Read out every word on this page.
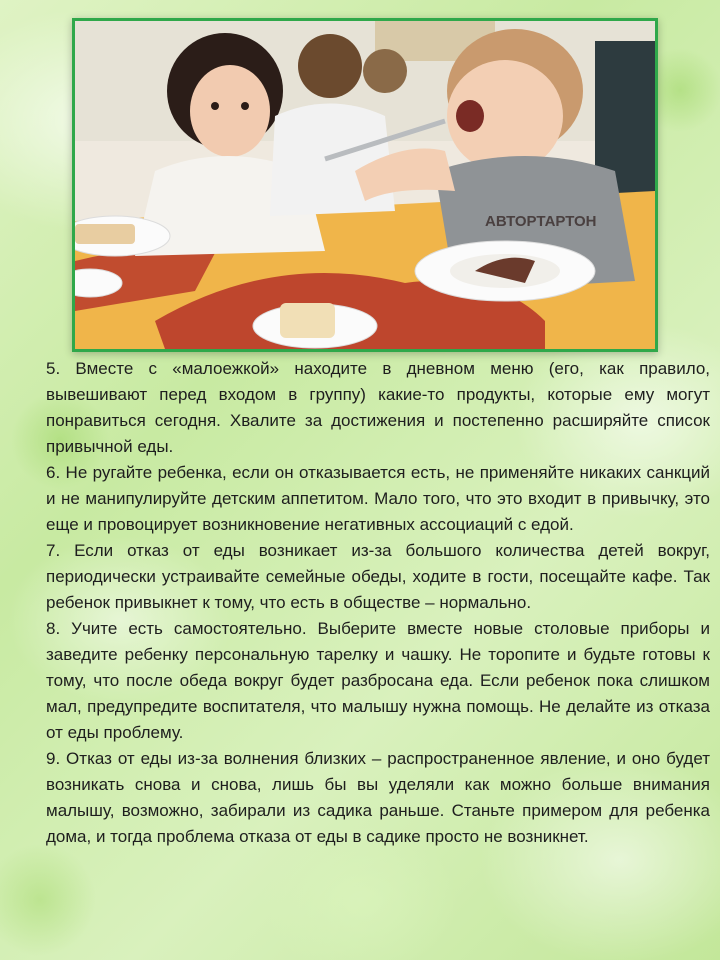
АВТОРТАРТОН

5. Вместе с «малоежкой» находите в дневном меню (его, как правило, вывешивают перед входом в группу) какие-то продукты, которые ему могут понравиться сегодня. Хвалите за достижения и постепенно расширяйте список привычной еды.

6. Не ругайте ребенка, если он отказывается есть, не применяйте никаких санкций и не манипулируйте детским аппетитом. Мало того, что это входит в привычку, это еще и провоцирует возникновение негативных ассоциаций с едой.

7. Если отказ от еды возникает из-за большого количества детей вокруг, периодически устраивайте семейные обеды, ходите в гости, посещайте кафе. Так ребенок привыкнет к тому, что есть в обществе – нормально.

8. Учите есть самостоятельно. Выберите вместе новые столовые приборы и заведите ребенку персональную тарелку и чашку. Не торопите и будьте готовы к тому, что после обеда вокруг будет разбросана еда. Если ребенок пока слишком мал, предупредите воспитателя, что малышу нужна помощь. Не делайте из отказа от еды проблему.

9. Отказ от еды из-за волнения близких – распространенное явление, и оно будет возникать снова и снова, лишь бы вы уделяли как можно больше внимания малышу, возможно, забирали из садика раньше. Станьте примером для ребенка дома, и тогда проблема отказа от еды в садике просто не возникнет.
